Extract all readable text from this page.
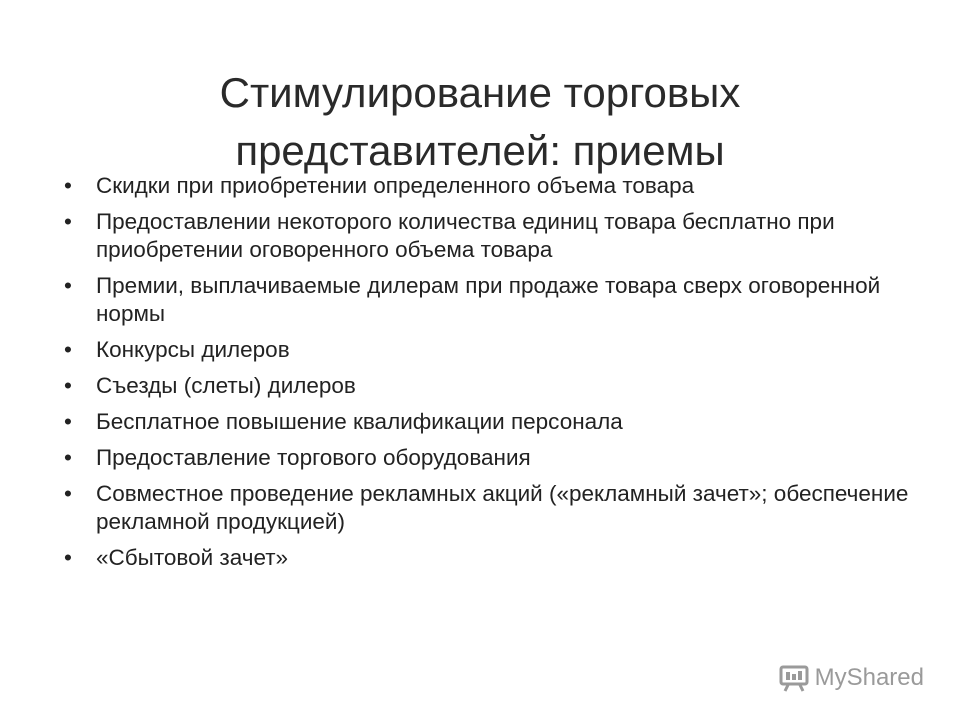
Стимулирование торговых
представителей: приемы
•	Скидки при приобретении определенного объема товара
•	Предоставлении некоторого количества единиц товара бесплатно при приобретении оговоренного объема товара
•	Премии, выплачиваемые дилерам при продаже товара сверх оговоренной нормы
•	Конкурсы дилеров
•	Съезды (слеты) дилеров
•	Бесплатное повышение квалификации персонала
•	Предоставление торгового оборудования
•	Совместное проведение рекламных акций («рекламный зачет»; обеспечение рекламной продукцией)
•	«Сбытовой зачет»
MyShared
